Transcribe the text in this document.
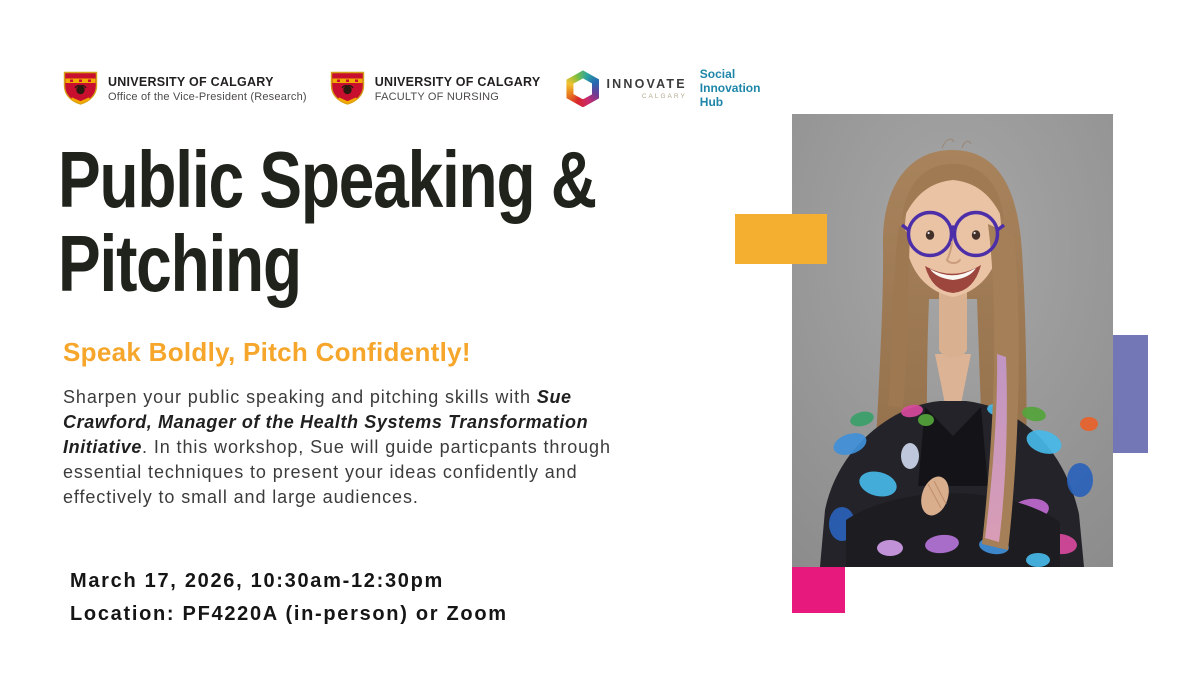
UNIVERSITY OF CALGARY
Office of the Vice-President (Research)
UNIVERSITY OF CALGARY
FACULTY OF NURSING
INNOVATE
CALGARY
Social Innovation Hub
Public Speaking & Pitching
Speak Boldly, Pitch Confidently!

Sharpen your public speaking and pitching skills with Sue Crawford, Manager of the Health Systems Transformation Initiative. In this workshop, Sue will guide particpants through essential techniques to present your ideas confidently and effectively to small and large audiences.

March 17, 2026, 10:30am-12:30pm
Location: PF4220A (in-person) or Zoom
